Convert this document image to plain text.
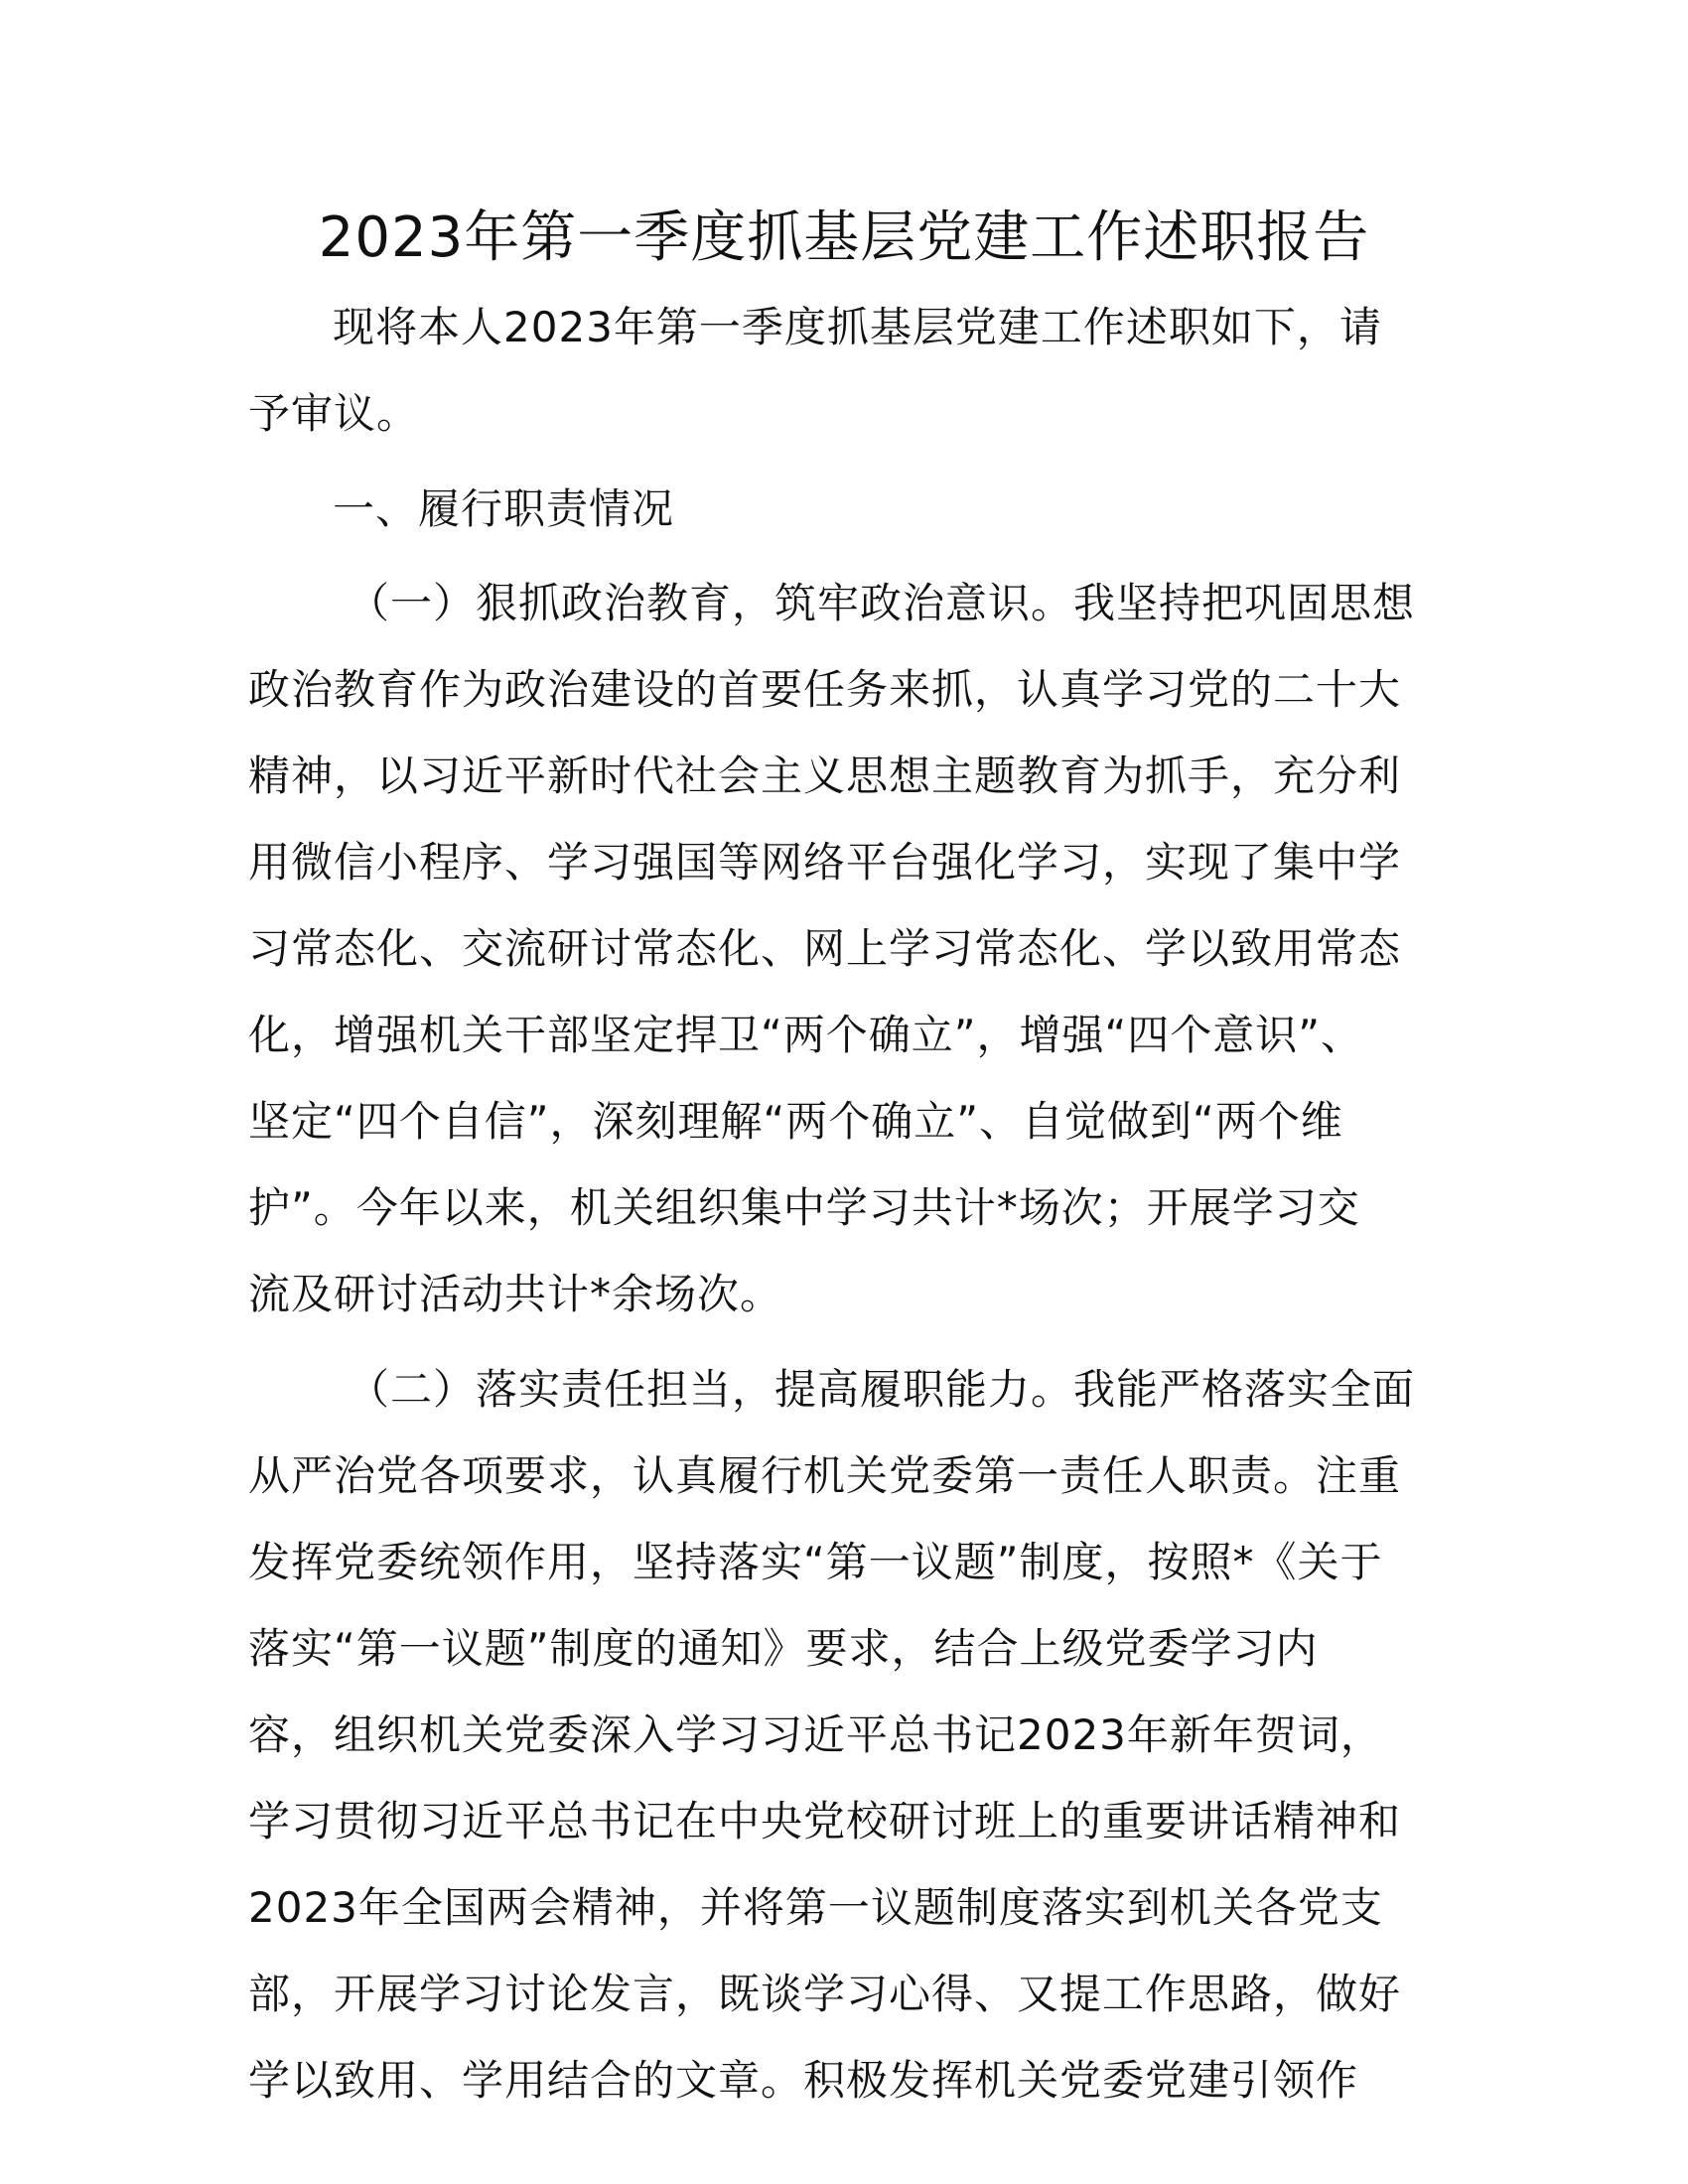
2023年第一季度抓基层党建工作述职报告

现将本人2023年第一季度抓基层党建工作述职如下，请

予审议。

一、履行职责情况

（一）狠抓政治教育，筑牢政治意识。我坚持把巩固思想

政治教育作为政治建设的首要任务来抓，认真学习党的二十大

精神，以习近平新时代社会主义思想主题教育为抓手，充分利

用微信小程序、学习强国等网络平台强化学习，实现了集中学

习常态化、交流研讨常态化、网上学习常态化、学以致用常态

化，增强机关干部坚定捍卫“两个确立”，增强“四个意识”、

坚定“四个自信”，深刻理解“两个确立”、自觉做到“两个维

护”。今年以来，机关组织集中学习共计*场次；开展学习交

流及研讨活动共计*余场次。

（二）落实责任担当，提高履职能力。我能严格落实全面

从严治党各项要求，认真履行机关党委第一责任人职责。注重

发挥党委统领作用，坚持落实“第一议题”制度，按照*《关于

落实“第一议题”制度的通知》要求，结合上级党委学习内

容，组织机关党委深入学习习近平总书记2023年新年贺词，

学习贯彻习近平总书记在中央党校研讨班上的重要讲话精神和

2023年全国两会精神，并将第一议题制度落实到机关各党支

部，开展学习讨论发言，既谈学习心得、又提工作思路，做好

学以致用、学用结合的文章。积极发挥机关党委党建引领作
